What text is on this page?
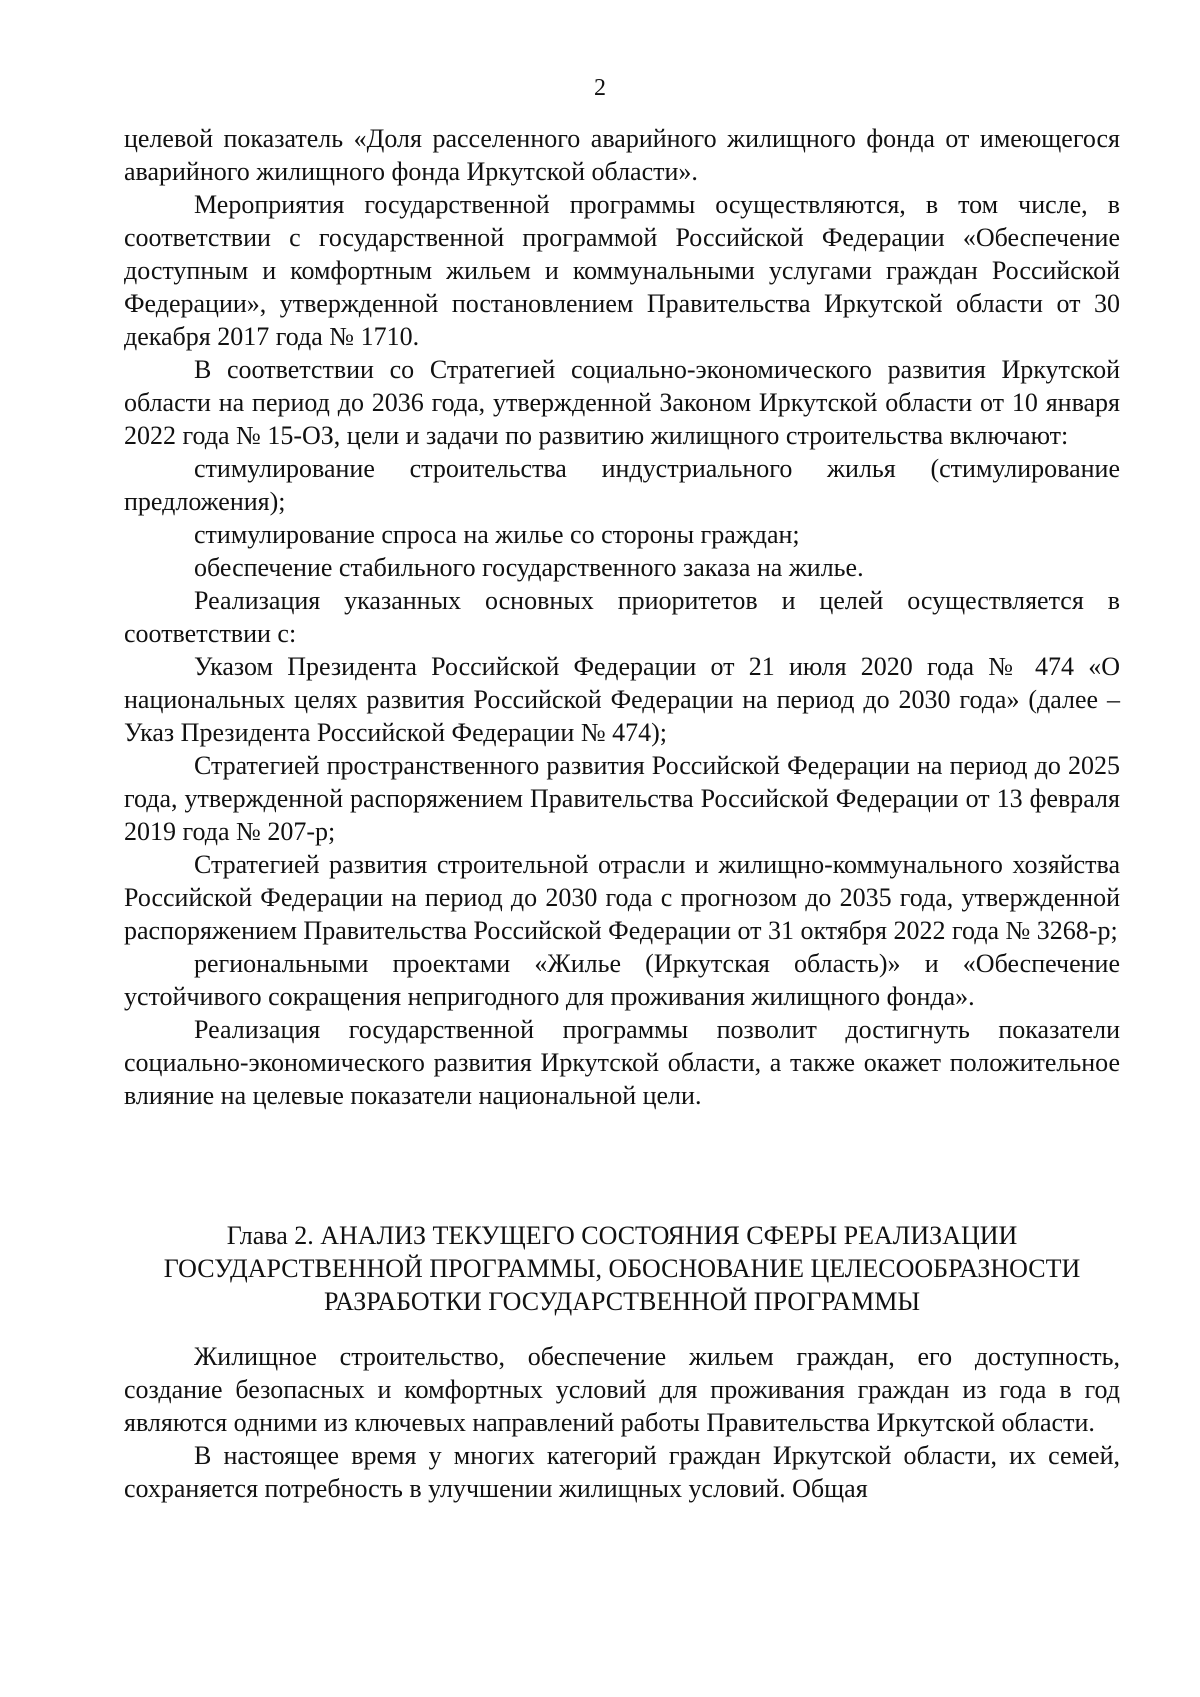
2

целевой показатель «Доля расселенного аварийного жилищного фонда от имеющегося аварийного жилищного фонда Иркутской области».

Мероприятия государственной программы осуществляются, в том числе, в соответствии с государственной программой Российской Федерации «Обеспечение доступным и комфортным жильем и коммунальными услугами граждан Российской Федерации», утвержденной постановлением Правительства Иркутской области от 30 декабря 2017 года № 1710.

В соответствии со Стратегией социально-экономического развития Иркутской области на период до 2036 года, утвержденной Законом Иркутской области от 10 января 2022 года № 15-ОЗ, цели и задачи по развитию жилищного строительства включают:

стимулирование строительства индустриального жилья (стимулирование предложения);

стимулирование спроса на жилье со стороны граждан;

обеспечение стабильного государственного заказа на жилье.

Реализация указанных основных приоритетов и целей осуществляется в соответствии с:

Указом Президента Российской Федерации от 21 июля 2020 года № 474 «О национальных целях развития Российской Федерации на период до 2030 года» (далее – Указ Президента Российской Федерации № 474);

Стратегией пространственного развития Российской Федерации на период до 2025 года, утвержденной распоряжением Правительства Российской Федерации от 13 февраля 2019 года № 207-р;

Стратегией развития строительной отрасли и жилищно-коммунального хозяйства Российской Федерации на период до 2030 года с прогнозом до 2035 года, утвержденной распоряжением Правительства Российской Федерации от 31 октября 2022 года № 3268-р;

региональными проектами «Жилье (Иркутская область)» и «Обеспечение устойчивого сокращения непригодного для проживания жилищного фонда».

Реализация государственной программы позволит достигнуть показатели социально-экономического развития Иркутской области, а также окажет положительное влияние на целевые показатели национальной цели.

Глава 2. АНАЛИЗ ТЕКУЩЕГО СОСТОЯНИЯ СФЕРЫ РЕАЛИЗАЦИИ ГОСУДАРСТВЕННОЙ ПРОГРАММЫ, ОБОСНОВАНИЕ ЦЕЛЕСООБРАЗНОСТИ РАЗРАБОТКИ ГОСУДАРСТВЕННОЙ ПРОГРАММЫ

Жилищное строительство, обеспечение жильем граждан, его доступность, создание безопасных и комфортных условий для проживания граждан из года в год являются одними из ключевых направлений работы Правительства Иркутской области.

В настоящее время у многих категорий граждан Иркутской области, их семей, сохраняется потребность в улучшении жилищных условий. Общая
